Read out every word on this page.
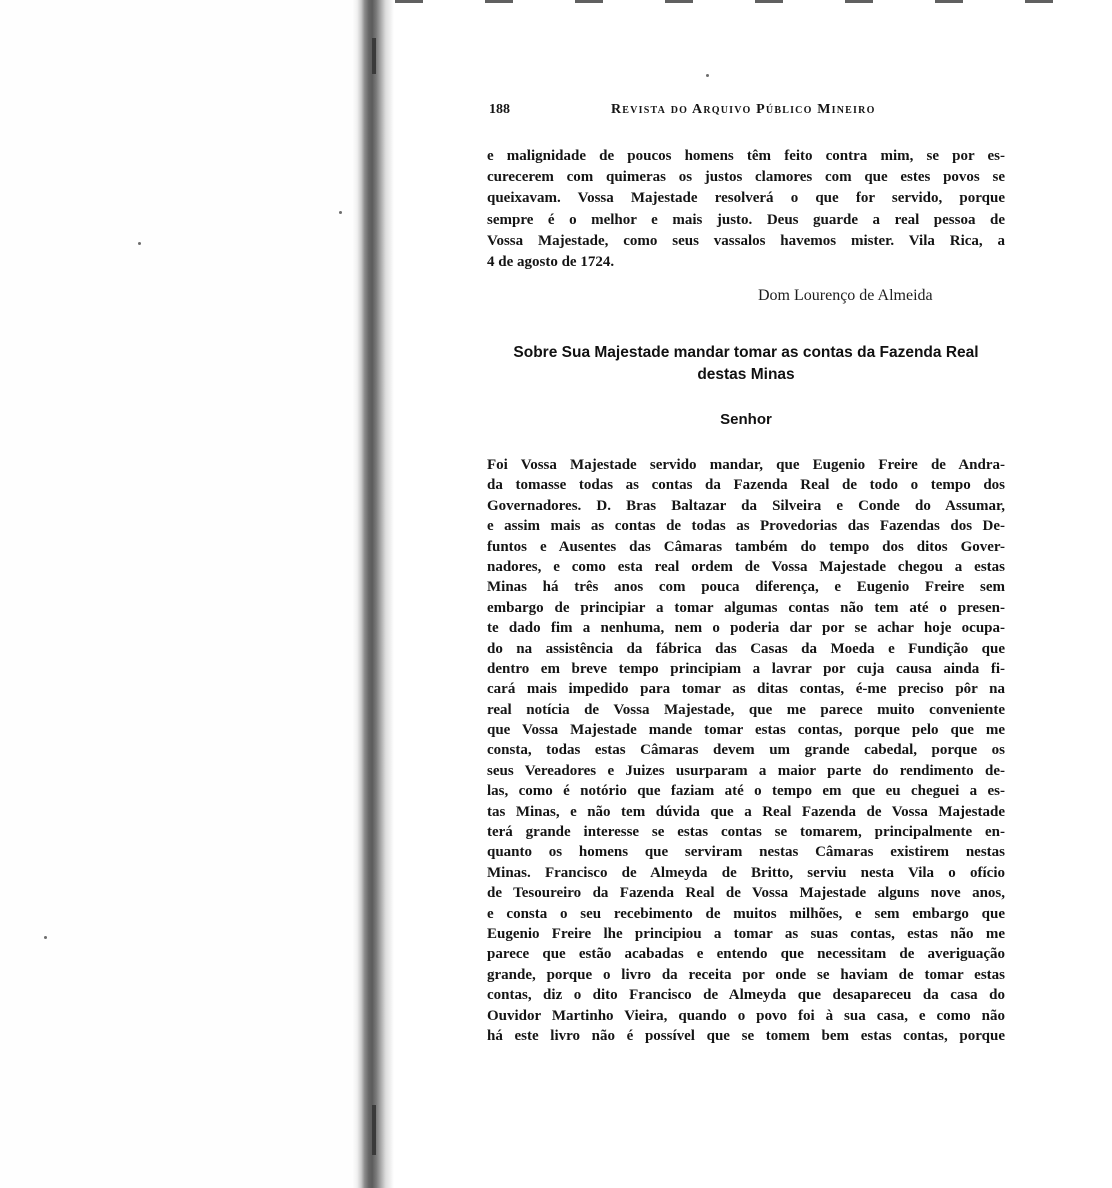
188	Revista do Arquivo Público Mineiro
e malignidade de poucos homens têm feito contra mim, se por es-
curecerem com quimeras os justos clamores com que estes povos se
queixavam. Vossa Majestade resolverá o que for servido, porque
sempre é o melhor e mais justo. Deus guarde a real pessoa de
Vossa Majestade, como seus vassalos havemos mister. Vila Rica, a
4 de agosto de 1724.
Dom Lourenço de Almeida
Sobre Sua Majestade mandar tomar as contas da Fazenda Real
destas Minas
Senhor
Foi Vossa Majestade servido mandar, que Eugenio Freire de Andra-
da tomasse todas as contas da Fazenda Real de todo o tempo dos
Governadores. D. Bras Baltazar da Silveira e Conde do Assumar,
e assim mais as contas de todas as Provedorias das Fazendas dos De-
funtos e Ausentes das Câmaras também do tempo dos ditos Gover-
nadores, e como esta real ordem de Vossa Majestade chegou a estas
Minas há três anos com pouca diferença, e Eugenio Freire sem
embargo de principiar a tomar algumas contas não tem até o presen-
te dado fim a nenhuma, nem o poderia dar por se achar hoje ocupa-
do na assistência da fábrica das Casas da Moeda e Fundição que
dentro em breve tempo principiam a lavrar por cuja causa ainda fi-
cará mais impedido para tomar as ditas contas, é-me preciso pôr na
real notícia de Vossa Majestade, que me parece muito conveniente
que Vossa Majestade mande tomar estas contas, porque pelo que me
consta, todas estas Câmaras devem um grande cabedal, porque os
seus Vereadores e Juizes usurparam a maior parte do rendimento de-
las, como é notório que faziam até o tempo em que eu cheguei a es-
tas Minas, e não tem dúvida que a Real Fazenda de Vossa Majestade
terá grande interesse se estas contas se tomarem, principalmente en-
quanto os homens que serviram nestas Câmaras existirem nestas
Minas. Francisco de Almeyda de Britto, serviu nesta Vila o ofício
de Tesoureiro da Fazenda Real de Vossa Majestade alguns nove anos,
e consta o seu recebimento de muitos milhões, e sem embargo que
Eugenio Freire lhe principiou a tomar as suas contas, estas não me
parece que estão acabadas e entendo que necessitam de averiguação
grande, porque o livro da receita por onde se haviam de tomar estas
contas, diz o dito Francisco de Almeyda que desapareceu da casa do
Ouvidor Martinho Vieira, quando o povo foi à sua casa, e como não
há este livro não é possível que se tomem bem estas contas, porque
